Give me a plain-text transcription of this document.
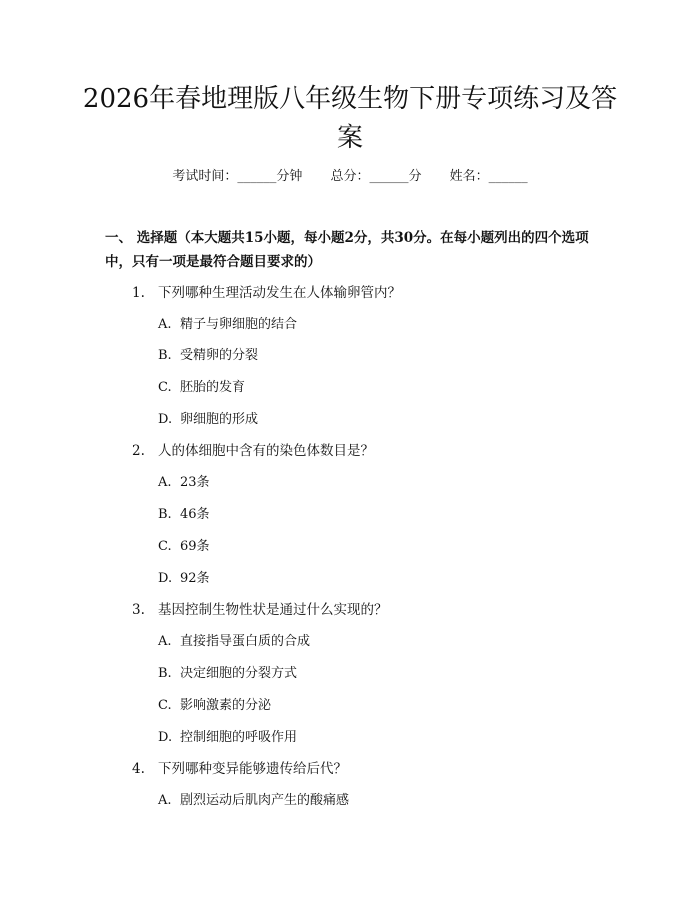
2026年春地理版八年级生物下册专项练习及答案
考试时间：______分钟 总分：______分 姓名：______

一、 选择题（本大题共15小题，每小题2分，共30分。在每小题列出的四个选项中，只有一项是最符合题目要求的）

1. 下列哪种生理活动发生在人体输卵管内？
A. 精子与卵细胞的结合
B. 受精卵的分裂
C. 胚胎的发育
D. 卵细胞的形成
2. 人的体细胞中含有的染色体数目是？
A. 23条
B. 46条
C. 69条
D. 92条
3. 基因控制生物性状是通过什么实现的？
A. 直接指导蛋白质的合成
B. 决定细胞的分裂方式
C. 影响激素的分泌
D. 控制细胞的呼吸作用
4. 下列哪种变异能够遗传给后代？
A. 剧烈运动后肌肉产生的酸痛感
